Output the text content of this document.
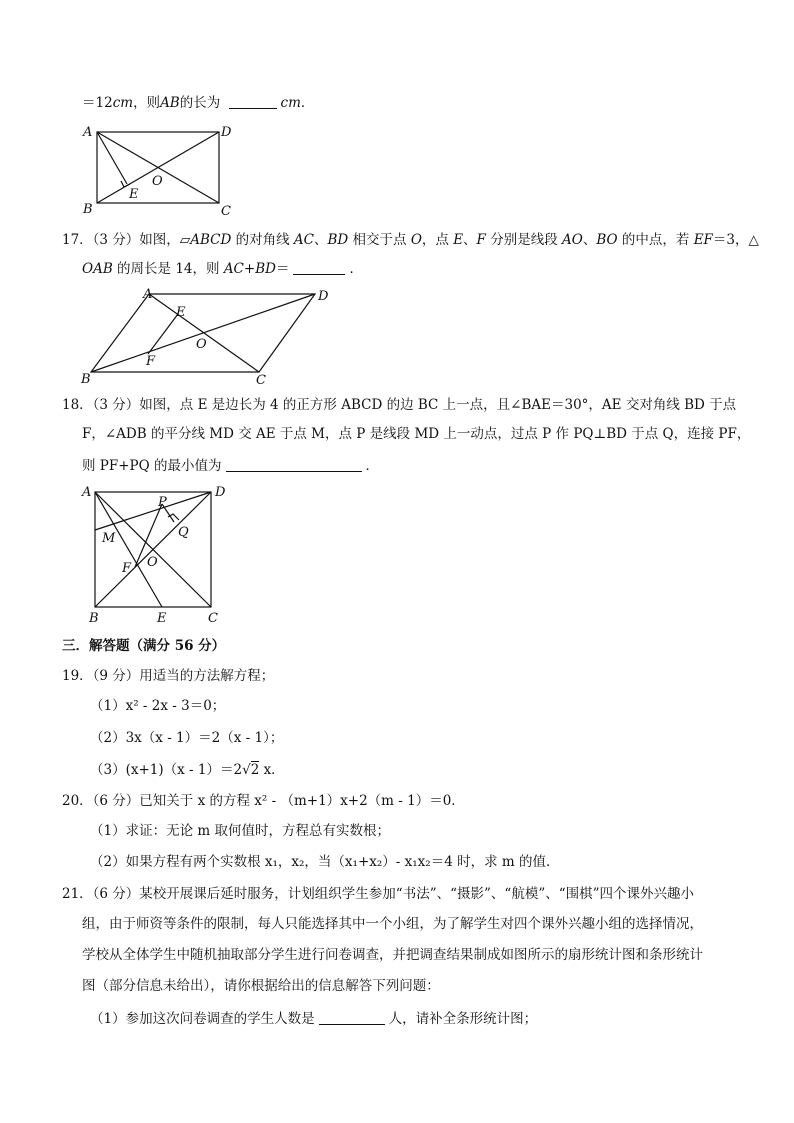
＝12cm，则AB的长为	cm．
A	D
B	C
E
O
17．（3 分）如图，▱ABCD 的对角线 AC、BD 相交于点 O，点 E、F 分别是线段 AO、BO 的中点，若 EF＝3，△
OAB 的周长是 14，则 AC+BD＝	．
A	D
B	C
E
F
O
18．（3 分）如图，点 E 是边长为 4 的正方形 ABCD 的边 BC 上一点，且∠BAE＝30°，AE 交对角线 BD 于点
F，∠ADB 的平分线 MD 交 AE 于点 M，点 P 是线段 MD 上一动点，过点 P 作 PQ⊥BD 于点 Q，连接 PF，
则 PF+PQ 的最小值为	．
A	D
B	E	C
P
Q
M
F O
三．解答题（满分 56 分）
19．（9 分）用适当的方法解方程；
（1）x² - 2x - 3＝0；
（2）3x（x - 1）＝2（x - 1）；
（3）(x+1)（x - 1）＝2√2 x．
20．（6 分）已知关于 x 的方程 x² - （m+1）x+2（m - 1）＝0．
（1）求证：无论 m 取何值时，方程总有实数根；
（2）如果方程有两个实数根 x₁，x₂，当（x₁+x₂）- x₁x₂＝4 时，求 m 的值．
21．（6 分）某校开展课后延时服务，计划组织学生参加“书法”、“摄影”、“航模”、“围棋”四个课外兴趣小
组，由于师资等条件的限制，每人只能选择其中一个小组，为了解学生对四个课外兴趣小组的选择情况，
学校从全体学生中随机抽取部分学生进行问卷调查，并把调查结果制成如图所示的扇形统计图和条形统计
图（部分信息未给出），请你根据给出的信息解答下列问题：
（1）参加这次问卷调查的学生人数是	人，请补全条形统计图；
